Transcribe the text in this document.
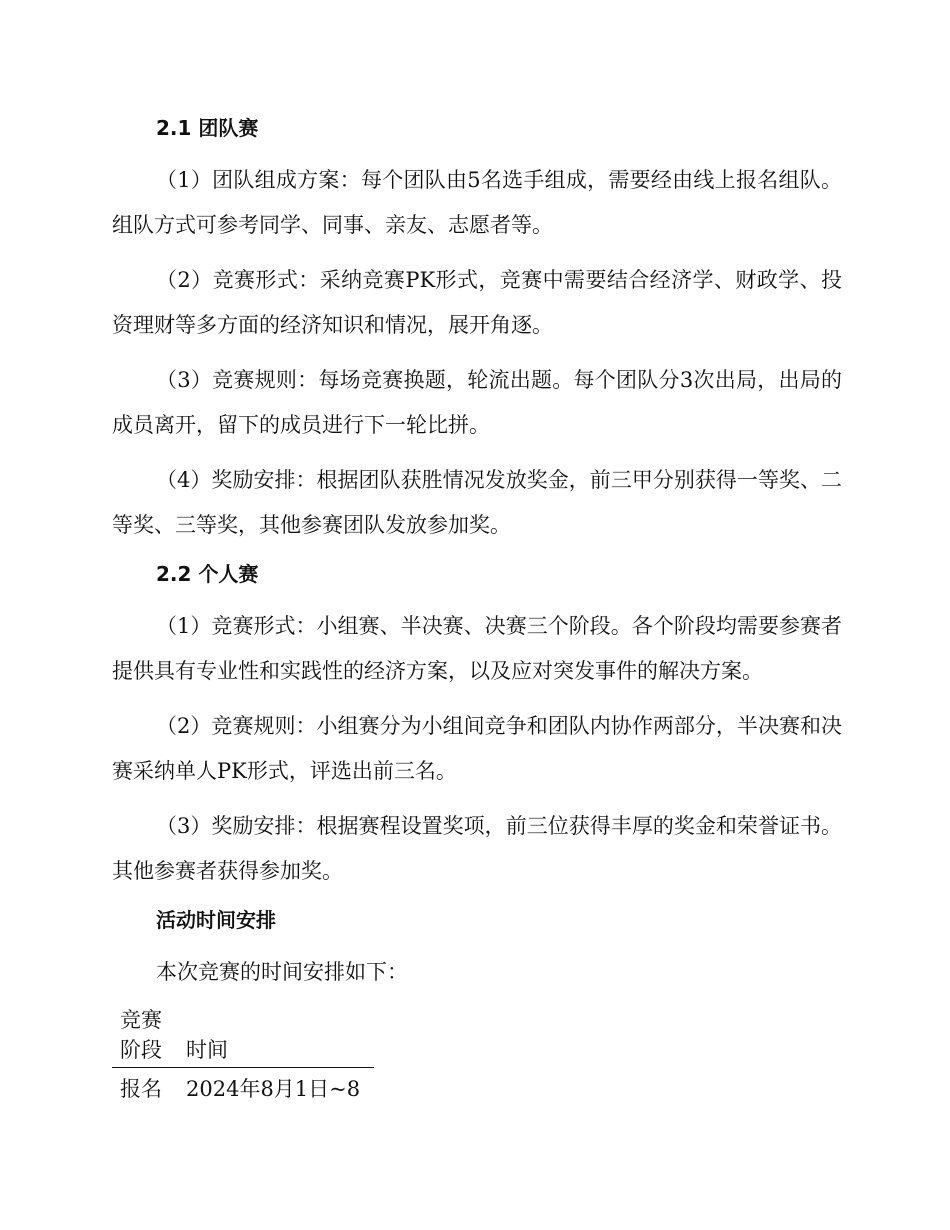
2.1 团队赛

（1）团队组成方案：每个团队由5名选手组成，需要经由线上报名组队。组队方式可参考同学、同事、亲友、志愿者等。

（2）竞赛形式：采纳竞赛PK形式，竞赛中需要结合经济学、财政学、投资理财等多方面的经济知识和情况，展开角逐。

（3）竞赛规则：每场竞赛换题，轮流出题。每个团队分3次出局，出局的成员离开，留下的成员进行下一轮比拼。

（4）奖励安排：根据团队获胜情况发放奖金，前三甲分别获得一等奖、二等奖、三等奖，其他参赛团队发放参加奖。

2.2 个人赛

（1）竞赛形式：小组赛、半决赛、决赛三个阶段。各个阶段均需要参赛者提供具有专业性和实践性的经济方案，以及应对突发事件的解决方案。

（2）竞赛规则：小组赛分为小组间竞争和团队内协作两部分，半决赛和决赛采纳单人PK形式，评选出前三名。

（3）奖励安排：根据赛程设置奖项，前三位获得丰厚的奖金和荣誉证书。其他参赛者获得参加奖。

活动时间安排

本次竞赛的时间安排如下：

竞赛
阶段	时间
报名	2024年8月1日~8
